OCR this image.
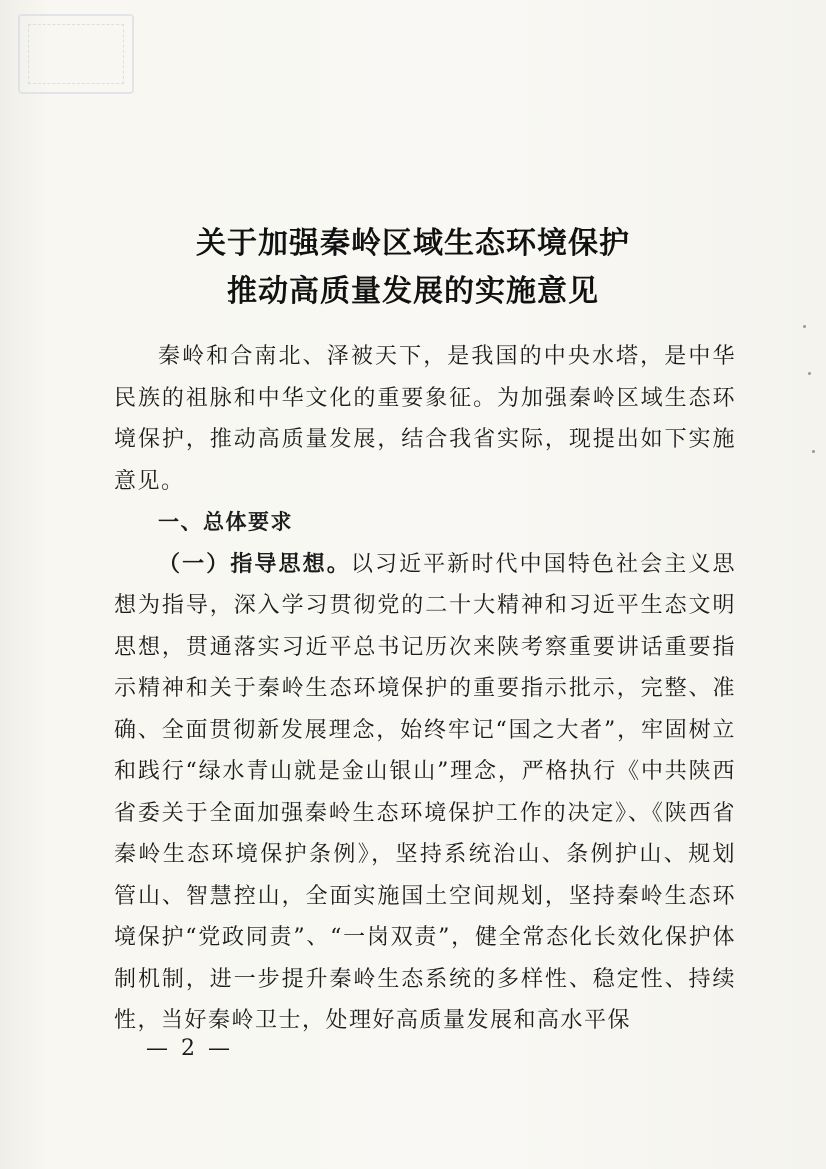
关于加强秦岭区域生态环境保护
推动高质量发展的实施意见

秦岭和合南北、泽被天下，是我国的中央水塔，是中华民族的祖脉和中华文化的重要象征。为加强秦岭区域生态环境保护，推动高质量发展，结合我省实际，现提出如下实施意见。

一、总体要求

（一）指导思想。以习近平新时代中国特色社会主义思想为指导，深入学习贯彻党的二十大精神和习近平生态文明思想，贯通落实习近平总书记历次来陕考察重要讲话重要指示精神和关于秦岭生态环境保护的重要指示批示，完整、准确、全面贯彻新发展理念，始终牢记“国之大者”，牢固树立和践行“绿水青山就是金山银山”理念，严格执行《中共陕西省委关于全面加强秦岭生态环境保护工作的决定》、《陕西省秦岭生态环境保护条例》，坚持系统治山、条例护山、规划管山、智慧控山，全面实施国土空间规划，坚持秦岭生态环境保护“党政同责”、“一岗双责”，健全常态化长效化保护体制机制，进一步提升秦岭生态系统的多样性、稳定性、持续性，当好秦岭卫士，处理好高质量发展和高水平保

— 2 —
